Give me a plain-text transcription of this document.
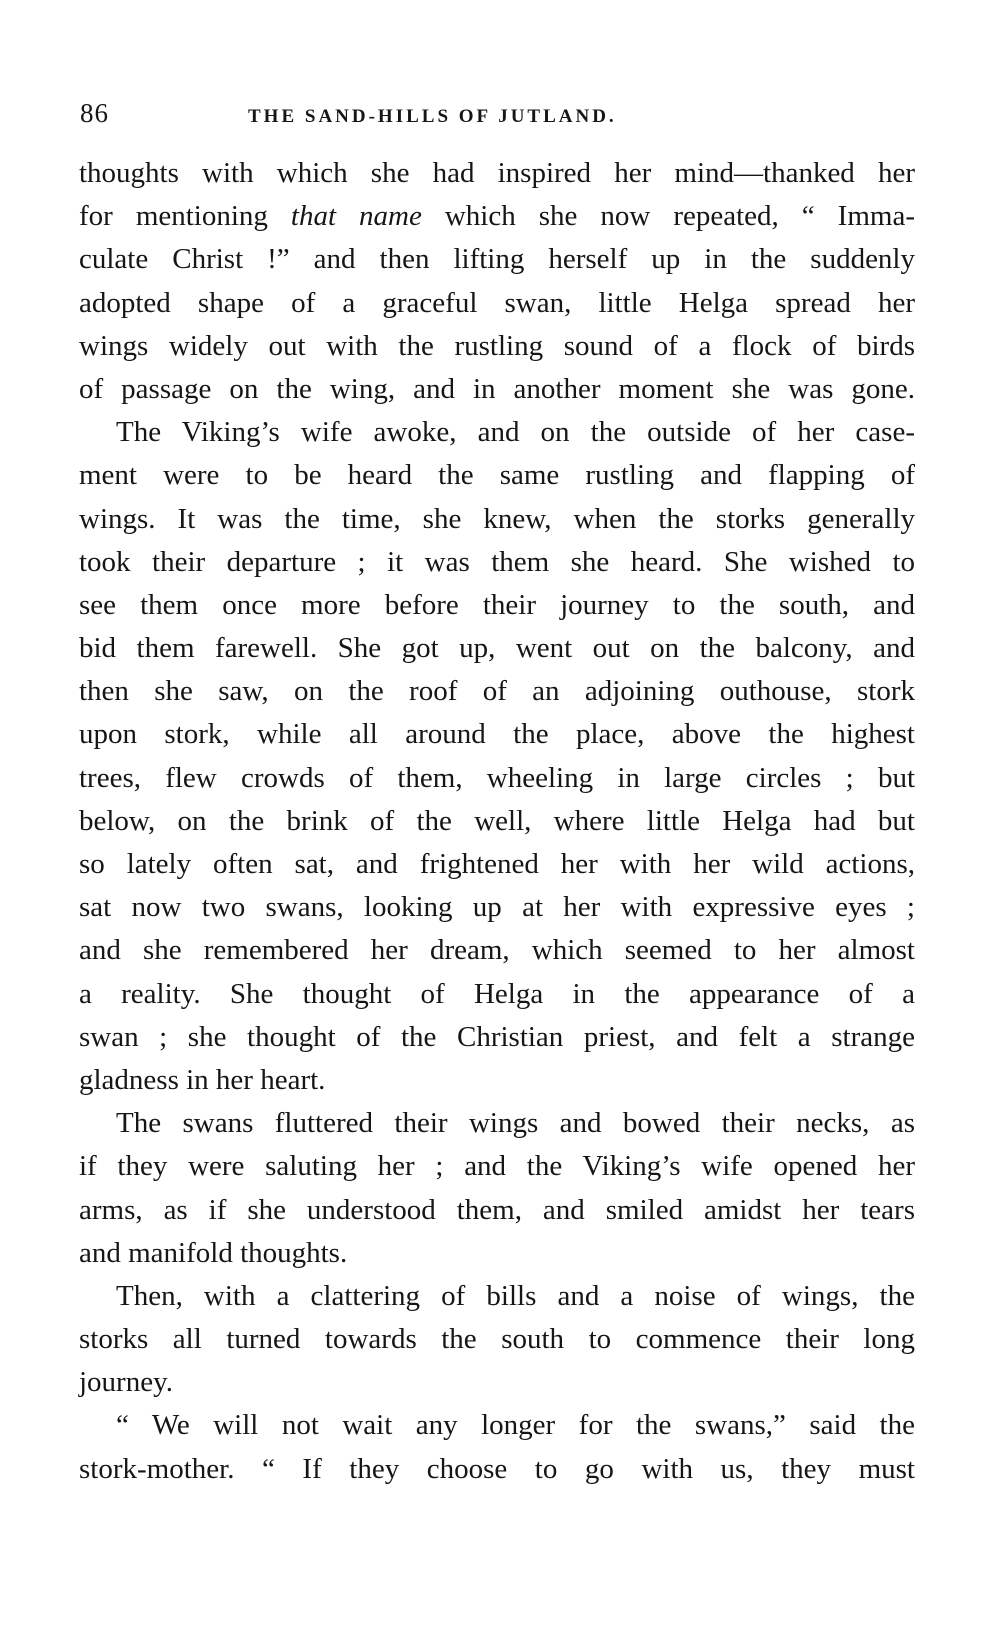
86	THE SAND-HILLS OF JUTLAND.
thoughts with which she had inspired her mind—thanked her
for mentioning that name which she now repeated, “ Imma-
culate Christ !” and then lifting herself up in the suddenly
adopted shape of a graceful swan, little Helga spread her
wings widely out with the rustling sound of a flock of birds
of passage on the wing, and in another moment she was gone.
The Viking’s wife awoke, and on the outside of her case-
ment were to be heard the same rustling and flapping of
wings. It was the time, she knew, when the storks generally
took their departure ; it was them she heard. She wished to
see them once more before their journey to the south, and
bid them farewell. She got up, went out on the balcony, and
then she saw, on the roof of an adjoining outhouse, stork
upon stork, while all around the place, above the highest
trees, flew crowds of them, wheeling in large circles ; but
below, on the brink of the well, where little Helga had but
so lately often sat, and frightened her with her wild actions,
sat now two swans, looking up at her with expressive eyes ;
and she remembered her dream, which seemed to her almost
a reality. She thought of Helga in the appearance of a
swan ; she thought of the Christian priest, and felt a strange
gladness in her heart.
The swans fluttered their wings and bowed their necks, as
if they were saluting her ; and the Viking’s wife opened her
arms, as if she understood them, and smiled amidst her tears
and manifold thoughts.
Then, with a clattering of bills and a noise of wings, the
storks all turned towards the south to commence their long
journey.
“ We will not wait any longer for the swans,” said the
stork-mother. “ If they choose to go with us, they must
